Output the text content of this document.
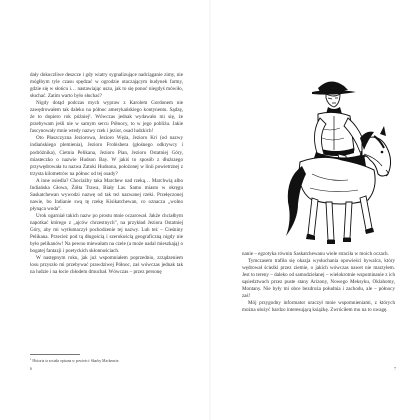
dały dokuczliwe deszcze i gdy wiatry sygnalizujące nadciąganie zimy, nie mógłbym tyle czasu spędzać w ogrodzie otaczającym budynek farmy, gdzie się w słońcu i… nastawiając uszu, jak to się ponoć niegdyś mówiło, słuchać. Zatim warto było słuchać?

Nigdy dotąd podczas mych wypraw z Karolem Gordonem nie zawędrowałem tak daleko na północ amerykańskiego kontynentu. Sądzę, że to dopiero rok później¹. Wówczas jednak wydawało mi się, że przebywam jeśli nie w samym sercu Północy, to w jego pobliżu. Jakie fascynowały mnie wtedy nazwy rzek i jezior, osad ludzkich!

Oto Płaszczyzna Jeziorowa, Jezioro Węża, Jezioro Kri (od nazwy indiańskiego plemienia), Jezioro Frobishera (głośnego odkrywcy i podróżnika), Cietnia Pelikana, Jezioro Pian, Jezioro Ostatniej Góry, miasteczko o nazwie Hudson Bay. W jakiś to sposób z dłuższego przywędrowała tu nazwa Zatoki Hudsona, położonej w linii powietrznej z trzysta kilometrów na północ od tej osady?

A inne osiedla? Chociażby taka Marchew nad rzeką… Marchwią albo Indiańska Głowa, Żółta Trawa, Biały Las. Samo miasto w okręgu Saskatchewan wywodzi nazwę od tak też nazwanej rzeki. Przełęczonej nawie, bo Indianie swą tę rzekę Kisikatchewan, co oznacza „wolno płynąca woda”.

Urok ogarniał takich nazw po prostu mnie oczarował. Jakże chciałbym napotkać którego z „ajców chrzestnych”, na przykład Jeziora Ostatniej Góry, aby mi wytłumaczył pochodzenie tej nazwy. Luh też – Cieśniny Pelikana. Przecież pod tą długością i szerokością geograficzną nigdy nie było pelikanów! Na pewno miewałam na czele (a może nadal mieszkają) o bogatej fantazji i poetyckich skłonnościach.

W następnym roku, jak już wspomniałem poprzednio, zrządzeniem losu przyszło mi przebywać prawdziwej Północ, zaś wówczas jednak tak na ludzie i na łocie chłodem dmuchał. Wówczas – przez personę

$^1$ Historia ta została opisana w powieści: Skarby Mackenzie.
6

nanie – egzotyka równin Saskatchewanu wiele straciła w moich oczach.

Tymczasem trafiła się okazja wysłuchania opowieści bywalca, który wędrował ścieżki przez ziemie, o jakich wówczas nawet nie marzyłem. Jest to tereny – daleko od samodzielanej – wielokrotnie wspominanie z ich sąsiedztwach przez puste stany Arizony, Nowego Meksyku, Oklahomy, Montany. Nie były mi obce bezdroża południa i zachodu, ale – północy zaś!

Mój przygodny informator uraczył mnie wspomnieniami, z których można ułożyć bardzo interesującą książkę. Zwróciłem mu na to uwagę.

7
